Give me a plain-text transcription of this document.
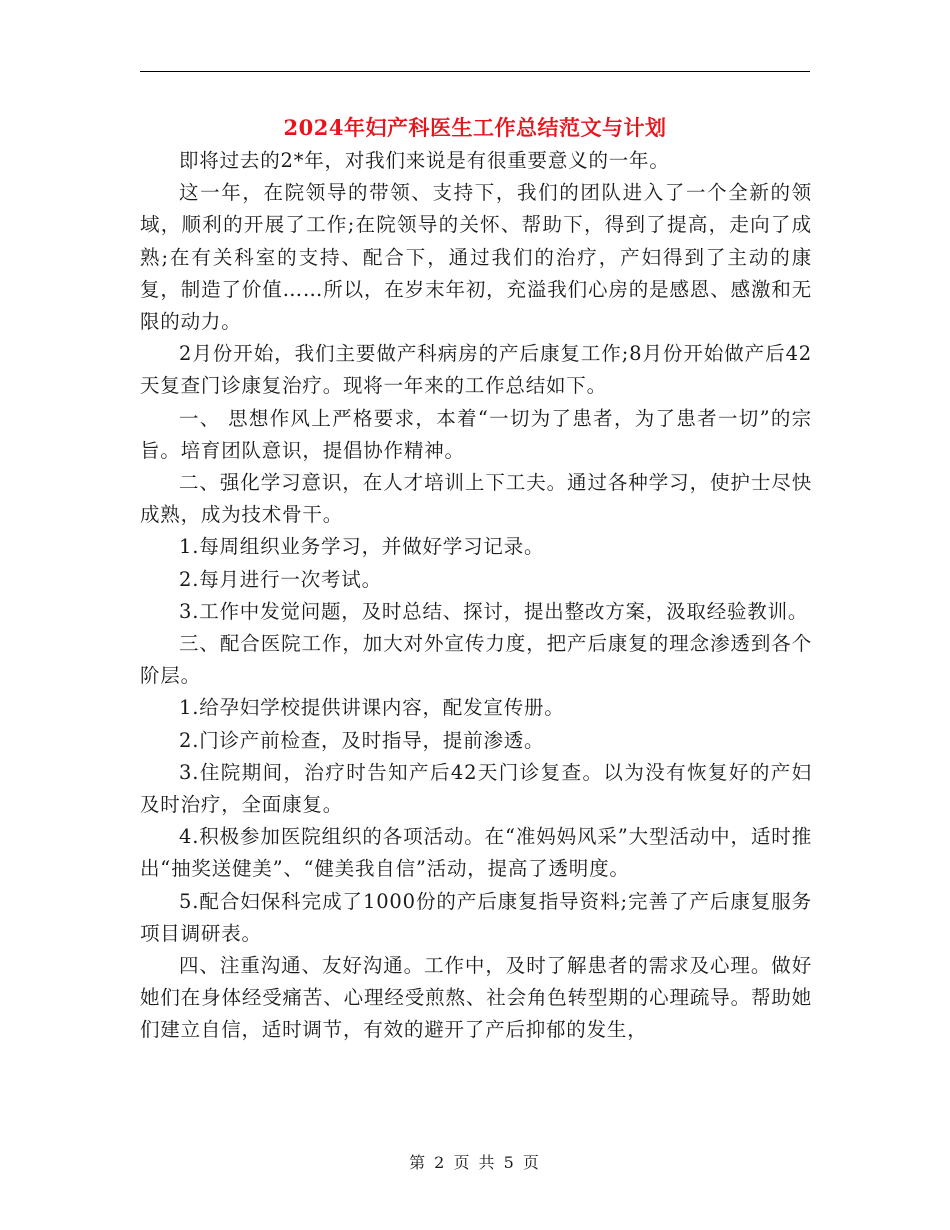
2024年妇产科医生工作总结范文与计划

即将过去的2*年，对我们来说是有很重要意义的一年。

这一年，在院领导的带领、支持下，我们的团队进入了一个全新的领域，顺利的开展了工作;在院领导的关怀、帮助下，得到了提高，走向了成熟;在有关科室的支持、配合下，通过我们的治疗，产妇得到了主动的康复，制造了价值……所以，在岁末年初，充溢我们心房的是感恩、感激和无限的动力。

2月份开始，我们主要做产科病房的产后康复工作;8月份开始做产后42天复查门诊康复治疗。现将一年来的工作总结如下。

一、 思想作风上严格要求，本着“一切为了患者，为了患者一切”的宗旨。培育团队意识，提倡协作精神。

二、强化学习意识，在人才培训上下工夫。通过各种学习，使护士尽快成熟，成为技术骨干。

1.每周组织业务学习，并做好学习记录。

2.每月进行一次考试。

3.工作中发觉问题，及时总结、探讨，提出整改方案，汲取经验教训。

三、配合医院工作，加大对外宣传力度，把产后康复的理念渗透到各个阶层。

1.给孕妇学校提供讲课内容，配发宣传册。

2.门诊产前检查，及时指导，提前渗透。

3.住院期间，治疗时告知产后42天门诊复查。以为没有恢复好的产妇及时治疗，全面康复。

4.积极参加医院组织的各项活动。在“准妈妈风采”大型活动中，适时推出“抽奖送健美”、“健美我自信”活动，提高了透明度。

5.配合妇保科完成了1000份的产后康复指导资料;完善了产后康复服务项目调研表。

四、注重沟通、友好沟通。工作中，及时了解患者的需求及心理。做好她们在身体经受痛苦、心理经受煎熬、社会角色转型期的心理疏导。帮助她们建立自信，适时调节，有效的避开了产后抑郁的发生，

第 2 页 共 5 页
